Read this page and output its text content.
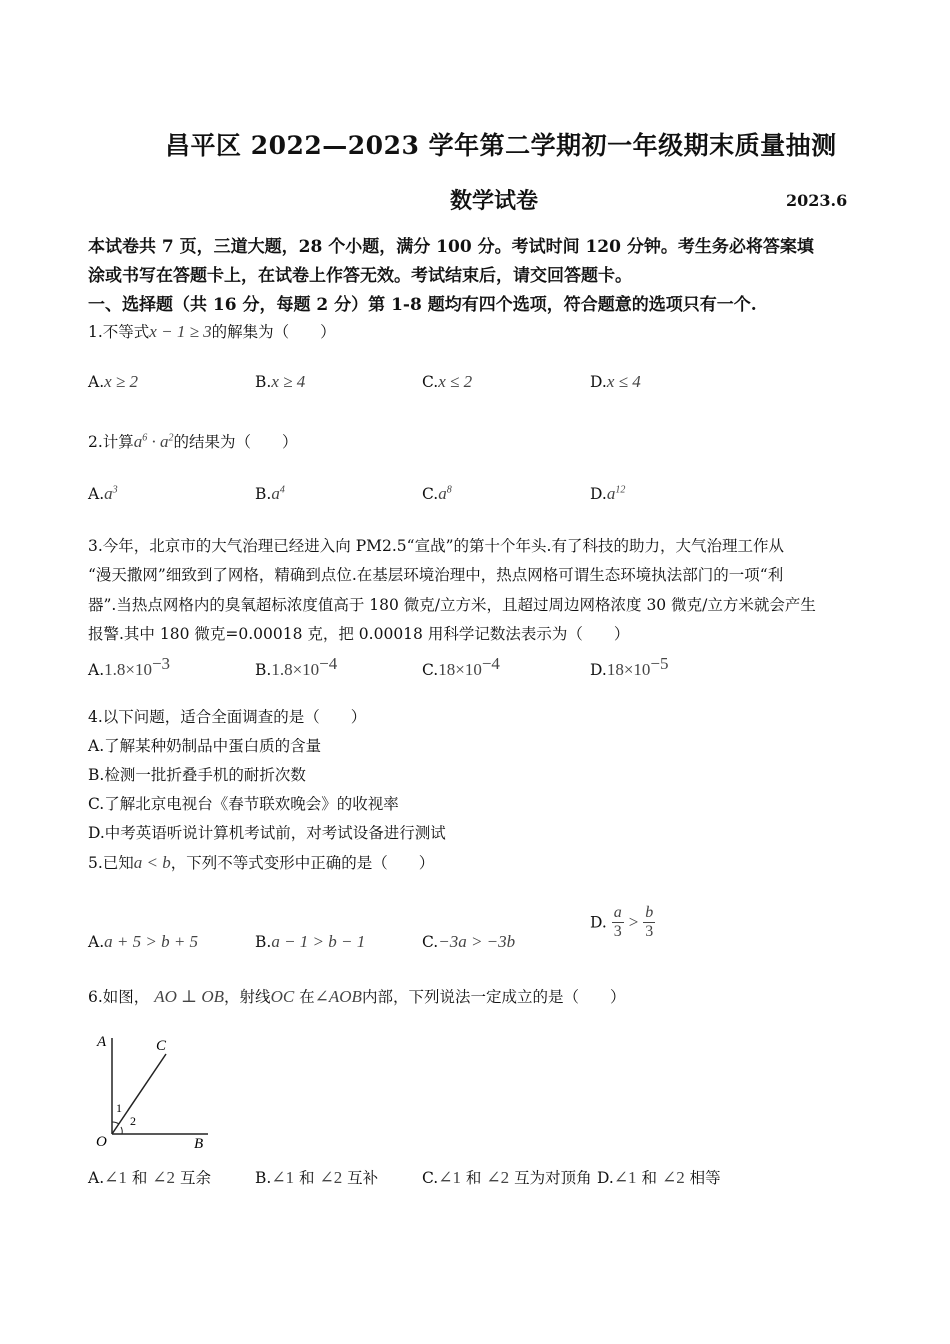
昌平区 2022—2023 学年第二学期初一年级期末质量抽测
数学试卷	2023.6
本试卷共 7 页，三道大题，28 个小题，满分 100 分。考试时间 120 分钟。考生务必将答案填
涂或书写在答题卡上，在试卷上作答无效。考试结束后，请交回答题卡。
一、选择题（共 16 分，每题 2 分）第 1-8 题均有四个选项，符合题意的选项只有一个.
1.不等式x − 1 ≥ 3的解集为（　　）
A.x ≥ 2	B.x ≥ 4	C.x ≤ 2	D.x ≤ 4
2.计算$a^6 \cdot a^2$的结果为（　　）
$A.a^3$	$B.a^4$	$C.a^8$	$D.a^{12}$
3.今年，北京市的大气治理已经进入向 PM2.5“宣战”的第十个年头.有了科技的助力，大气治理工作从
“漫天撒网”细致到了网格，精确到点位.在基层环境治理中，热点网格可谓生态环境执法部门的一项“利
器”.当热点网格内的臭氧超标浓度值高于 180 微克/立方米，且超过周边网格浓度 30 微克/立方米就会产生
报警.其中 180 微克=0.00018 克，把 0.00018 用科学记数法表示为（　　）
$A.1.8\times 10^{-3}$	$B.1.8\times 10^{-4}$	$C.18\times 10^{-4}$	$D.18\times 10^{-5}$
4.以下问题，适合全面调查的是（　　）
A.了解某种奶制品中蛋白质的含量
B.检测一批折叠手机的耐折次数
C.了解北京电视台《春节联欢晚会》的收视率
D.中考英语听说计算机考试前，对考试设备进行测试
5.已知a < b，下列不等式变形中正确的是（　　）
A.a + 5 > b + 5	B.a − 1 > b − 1	C.−3a > −3b
D. $\frac{a}{3} > \frac{b}{3}$
6.如图， AO ⊥ OB，射线OC 在∠AOB内部，下列说法一定成立的是（　　）
A	C
O	B
1
2
A.∠1 和 ∠2 互余	B.∠1 和 ∠2 互补	C.∠1 和 ∠2 互为对顶角 D.∠1 和 ∠2 相等
